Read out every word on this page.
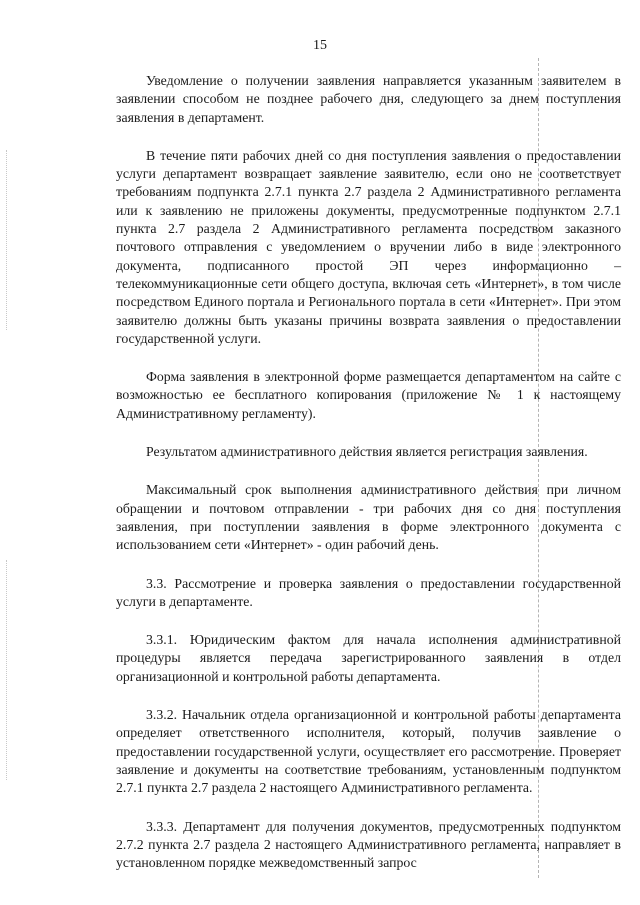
15

Уведомление о получении заявления направляется указанным заявителем в заявлении способом не позднее рабочего дня, следующего за днем поступления заявления в департамент.

В течение пяти рабочих дней со дня поступления заявления о предоставлении услуги департамент возвращает заявление заявителю, если оно не соответствует требованиям подпункта 2.7.1 пункта 2.7 раздела 2 Административного регламента или к заявлению не приложены документы, предусмотренные подпунктом 2.7.1 пункта 2.7 раздела 2 Административного регламента посредством заказного почтового отправления с уведомлением о вручении либо в виде электронного документа, подписанного простой ЭП через информационно – телекоммуникационные сети общего доступа, включая сеть «Интернет», в том числе посредством Единого портала и Регионального портала в сети «Интернет». При этом заявителю должны быть указаны причины возврата заявления о предоставлении государственной услуги.

Форма заявления в электронной форме размещается департаментом на сайте с возможностью ее бесплатного копирования (приложение № 1 к настоящему Административному регламенту).

Результатом административного действия является регистрация заявления.

Максимальный срок выполнения административного действия при личном обращении и почтовом отправлении - три рабочих дня со дня поступления заявления, при поступлении заявления в форме электронного документа с использованием сети «Интернет» - один рабочий день.

3.3. Рассмотрение и проверка заявления о предоставлении государственной услуги в департаменте.

3.3.1. Юридическим фактом для начала исполнения административной процедуры является передача зарегистрированного заявления в отдел организационной и контрольной работы департамента.

3.3.2. Начальник отдела организационной и контрольной работы департамента определяет ответственного исполнителя, который, получив заявление о предоставлении государственной услуги, осуществляет его рассмотрение. Проверяет заявление и документы на соответствие требованиям, установленным подпунктом 2.7.1 пункта 2.7 раздела 2 настоящего Административного регламента.

3.3.3. Департамент для получения документов, предусмотренных подпунктом 2.7.2 пункта 2.7 раздела 2 настоящего Административного регламента, направляет в установленном порядке межведомственный запрос
